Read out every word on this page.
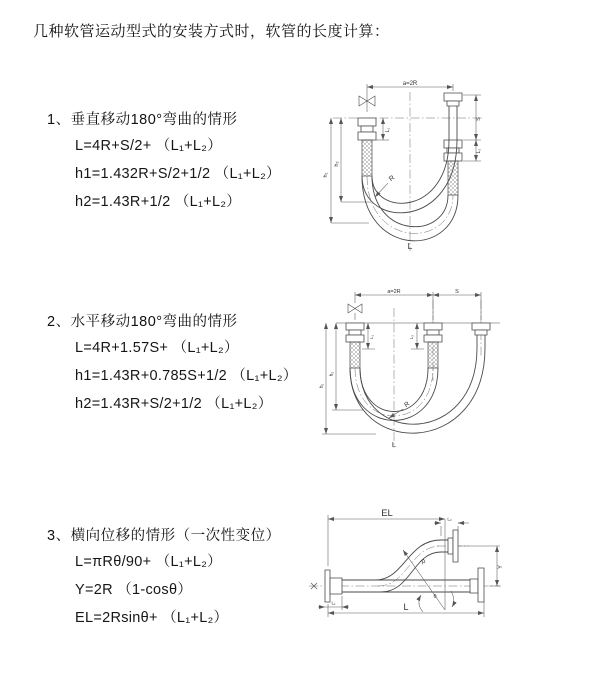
几种软管运动型式的安装方式时，软管的长度计算：
1、垂直移动180°弯曲的情形
L=4R+S/2+ （L₁+L₂）
h1=1.432R+S/2+1/2 （L₁+L₂）
h2=1.43R+1/2 （L₁+L₂）
2、水平移动180°弯曲的情形
L=4R+1.57S+ （L₁+L₂）
h1=1.43R+0.785S+1/2 （L₁+L₂）
h2=1.43R+S/2+1/2 （L₁+L₂）
3、横向位移的情形（一次性变位）
L=πRθ/90+ （L₁+L₂）
Y=2R （1-cosθ）
EL=2Rsinθ+ （L₁+L₂）
a=2R
h₁
h₂
L₁
S
L₂
R
L
a=2R	S
h₁
h₂
L₁	L₂
R
L
EL	L₂
Y
L
L₁
R
θ
